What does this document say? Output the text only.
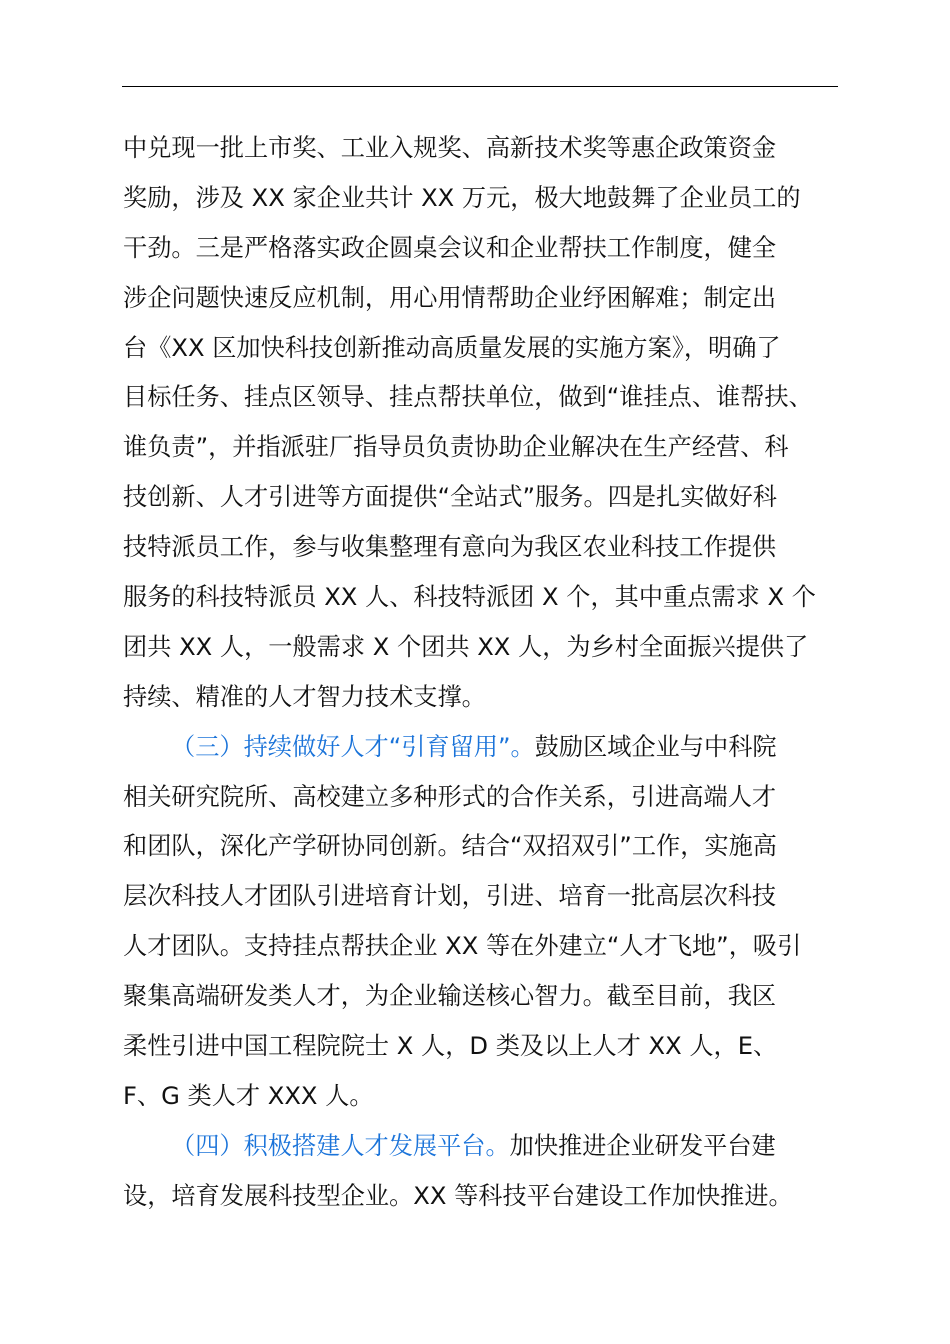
中兑现一批上市奖、工业入规奖、高新技术奖等惠企政策资金
奖励，涉及 XX 家企业共计 XX 万元，极大地鼓舞了企业员工的
干劲。三是严格落实政企圆桌会议和企业帮扶工作制度，健全
涉企问题快速反应机制，用心用情帮助企业纾困解难；制定出
台《XX 区加快科技创新推动高质量发展的实施方案》，明确了
目标任务、挂点区领导、挂点帮扶单位，做到“谁挂点、谁帮扶、
谁负责”，并指派驻厂指导员负责协助企业解决在生产经营、科
技创新、人才引进等方面提供“全站式”服务。四是扎实做好科
技特派员工作，参与收集整理有意向为我区农业科技工作提供
服务的科技特派员 XX 人、科技特派团 X 个，其中重点需求 X 个
团共 XX 人，一般需求 X 个团共 XX 人，为乡村全面振兴提供了
持续、精准的人才智力技术支撑。
（三）持续做好人才“引育留用”。鼓励区域企业与中科院
相关研究院所、高校建立多种形式的合作关系，引进高端人才
和团队，深化产学研协同创新。结合“双招双引”工作，实施高
层次科技人才团队引进培育计划，引进、培育一批高层次科技
人才团队。支持挂点帮扶企业 XX 等在外建立“人才飞地”，吸引
聚集高端研发类人才，为企业输送核心智力。截至目前，我区
柔性引进中国工程院院士 X 人，D 类及以上人才 XX 人，E、
F、G 类人才 XXX 人。
（四）积极搭建人才发展平台。加快推进企业研发平台建
设，培育发展科技型企业。XX 等科技平台建设工作加快推进。
